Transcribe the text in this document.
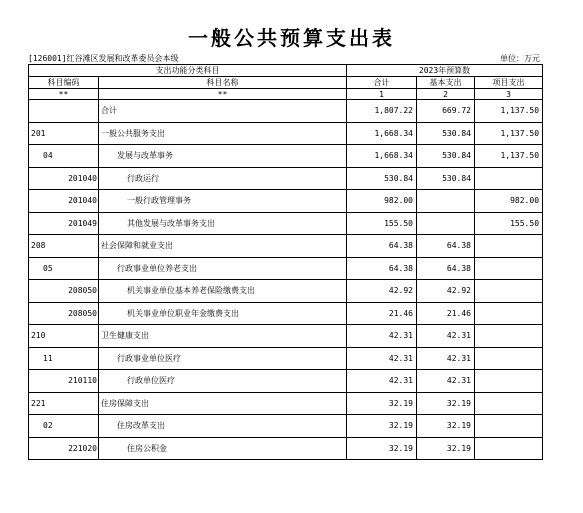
一般公共预算支出表
[126001]红谷滩区发展和改革委员会本级	单位：万元
支出功能分类科目		2023年预算数		
科目编码	科目名称	合计	基本支出	项目支出
**	**	1	2	3
	合计	1,807.22	669.72	1,137.50
201	一般公共服务支出	1,668.34	530.84	1,137.50
04	发展与改革事务	1,668.34	530.84	1,137.50
201040	行政运行	530.84	530.84	
201040	一般行政管理事务	982.00		982.00
201049	其他发展与改革事务支出	155.50		155.50
208	社会保障和就业支出	64.38	64.38	
05	行政事业单位养老支出	64.38	64.38	
208050	机关事业单位基本养老保险缴费支出	42.92	42.92	
208050	机关事业单位职业年金缴费支出	21.46	21.46	
210	卫生健康支出	42.31	42.31	
11	行政事业单位医疗	42.31	42.31	
210110	行政单位医疗	42.31	42.31	
221	住房保障支出	32.19	32.19	
02	住房改革支出	32.19	32.19	
221020	住房公积金	32.19	32.19	
